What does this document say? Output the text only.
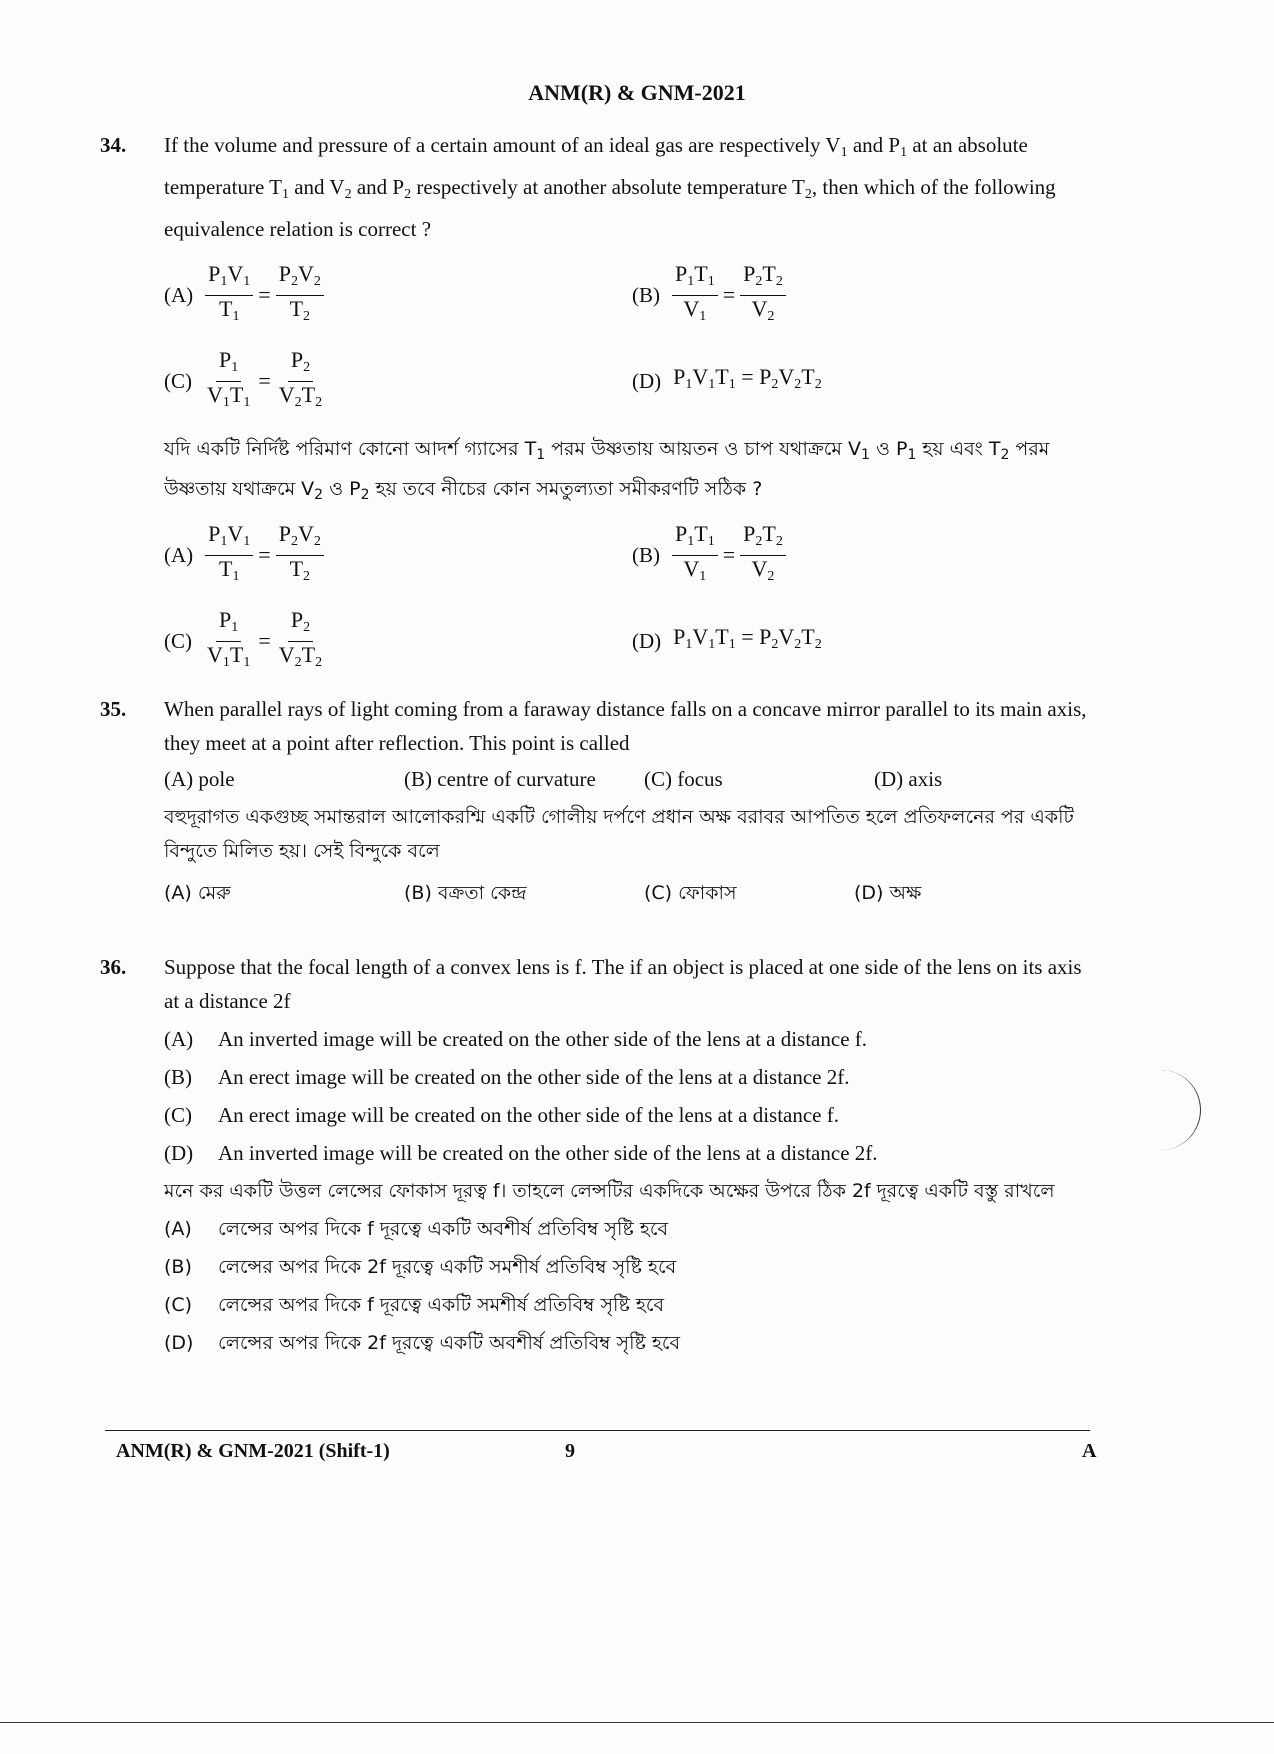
ANM(R) & GNM-2021
34. If the volume and pressure of a certain amount of an ideal gas are respectively $V_1$ and $P_1$ at an absolute temperature $T_1$ and $V_2$ and $P_2$ respectively at another absolute temperature $T_2$, then which of the following equivalence relation is correct ?
$(A) \frac{P_1V_1}{T_1} = \frac{P_2V_2}{T_2}$	$(B) \frac{P_1T_1}{V_1} = \frac{P_2T_2}{V_2}$
$(C) \frac{P_1}{V_1T_1} = \frac{P_2}{V_2T_2}$	(D) $P_1V_1T_1 = P_2V_2T_2$
যদি একটি নির্দিষ্ট পরিমাণ কোনো আদর্শ গ্যাসের $T_1$ পরম উষ্ণতায় আয়তন ও চাপ যথাক্রমে $V_1$ ও $P_1$ হয় এবং $T_2$ পরম উষ্ণতায় যথাক্রমে $V_2$ ও $P_2$ হয় তবে নীচের কোন সমতুল্যতা সমীকরণটি সঠিক ?
$(A) \frac{P_1V_1}{T_1} = \frac{P_2V_2}{T_2}$	$(B) \frac{P_1T_1}{V_1} = \frac{P_2T_2}{V_2}$
$(C) \frac{P_1}{V_1T_1} = \frac{P_2}{V_2T_2}$	(D) $P_1V_1T_1 = P_2V_2T_2$
35. When parallel rays of light coming from a faraway distance falls on a concave mirror parallel to its main axis, they meet at a point after reflection. This point is called
(A) pole	(B) centre of curvature	(C) focus	(D) axis
বহুদূরাগত একগুচ্ছ সমান্তরাল আলোকরশ্মি একটি গোলীয় দর্পণে প্রধান অক্ষ বরাবর আপতিত হলে প্রতিফলনের পর একটি বিন্দুতে মিলিত হয়। সেই বিন্দুকে বলে
(A) মেরু	(B) বক্রতা কেন্দ্র	(C) ফোকাস	(D) অক্ষ
36. Suppose that the focal length of a convex lens is f. The if an object is placed at one side of the lens on its axis at a distance 2f
(A)	An inverted image will be created on the other side of the lens at a distance f.
(B)	An erect image will be created on the other side of the lens at a distance 2f.
(C)	An erect image will be created on the other side of the lens at a distance f.
(D)	An inverted image will be created on the other side of the lens at a distance 2f.
মনে কর একটি উত্তল লেন্সের ফোকাস দূরত্ব f। তাহলে লেন্সটির একদিকে অক্ষের উপরে ঠিক 2f দূরত্বে একটি বস্তু রাখলে
(A)	লেন্সের অপর দিকে f দূরত্বে একটি অবশীর্ষ প্রতিবিম্ব সৃষ্টি হবে
(B)	লেন্সের অপর দিকে 2f দূরত্বে একটি সমশীর্ষ প্রতিবিম্ব সৃষ্টি হবে
(C)	লেন্সের অপর দিকে f দূরত্বে একটি সমশীর্ষ প্রতিবিম্ব সৃষ্টি হবে
(D)	লেন্সের অপর দিকে 2f দূরত্বে একটি অবশীর্ষ প্রতিবিম্ব সৃষ্টি হবে
ANM(R) & GNM-2021 (Shift-1)	9	A
